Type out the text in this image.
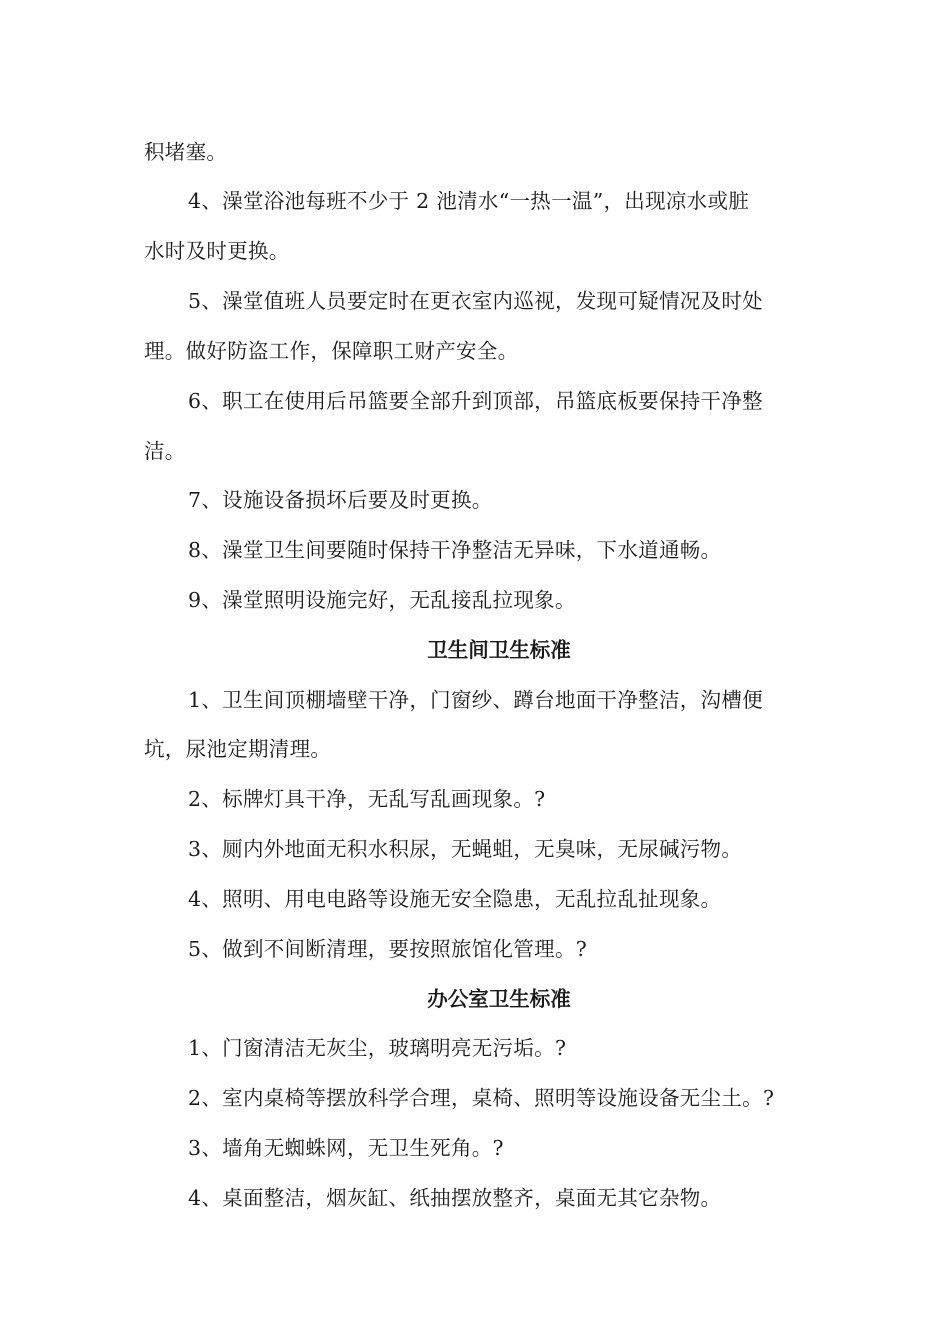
积堵塞。
4、澡堂浴池每班不少于 2 池清水“一热一温”，出现凉水或脏
水时及时更换。
5、澡堂值班人员要定时在更衣室内巡视，发现可疑情况及时处
理。做好防盗工作，保障职工财产安全。
6、职工在使用后吊篮要全部升到顶部，吊篮底板要保持干净整
洁。
7、设施设备损坏后要及时更换。
8、澡堂卫生间要随时保持干净整洁无异味，下水道通畅。
9、澡堂照明设施完好，无乱接乱拉现象。
卫生间卫生标准
1、卫生间顶棚墙壁干净，门窗纱、蹲台地面干净整洁，沟槽便
坑，尿池定期清理。
2、标牌灯具干净，无乱写乱画现象。?
3、厕内外地面无积水积尿，无蝇蛆，无臭味，无尿碱污物。
4、照明、用电电路等设施无安全隐患，无乱拉乱扯现象。
5、做到不间断清理，要按照旅馆化管理。?
办公室卫生标准
1、门窗清洁无灰尘，玻璃明亮无污垢。?
2、室内桌椅等摆放科学合理，桌椅、照明等设施设备无尘土。?
3、墙角无蜘蛛网，无卫生死角。?
4、桌面整洁，烟灰缸、纸抽摆放整齐，桌面无其它杂物。
